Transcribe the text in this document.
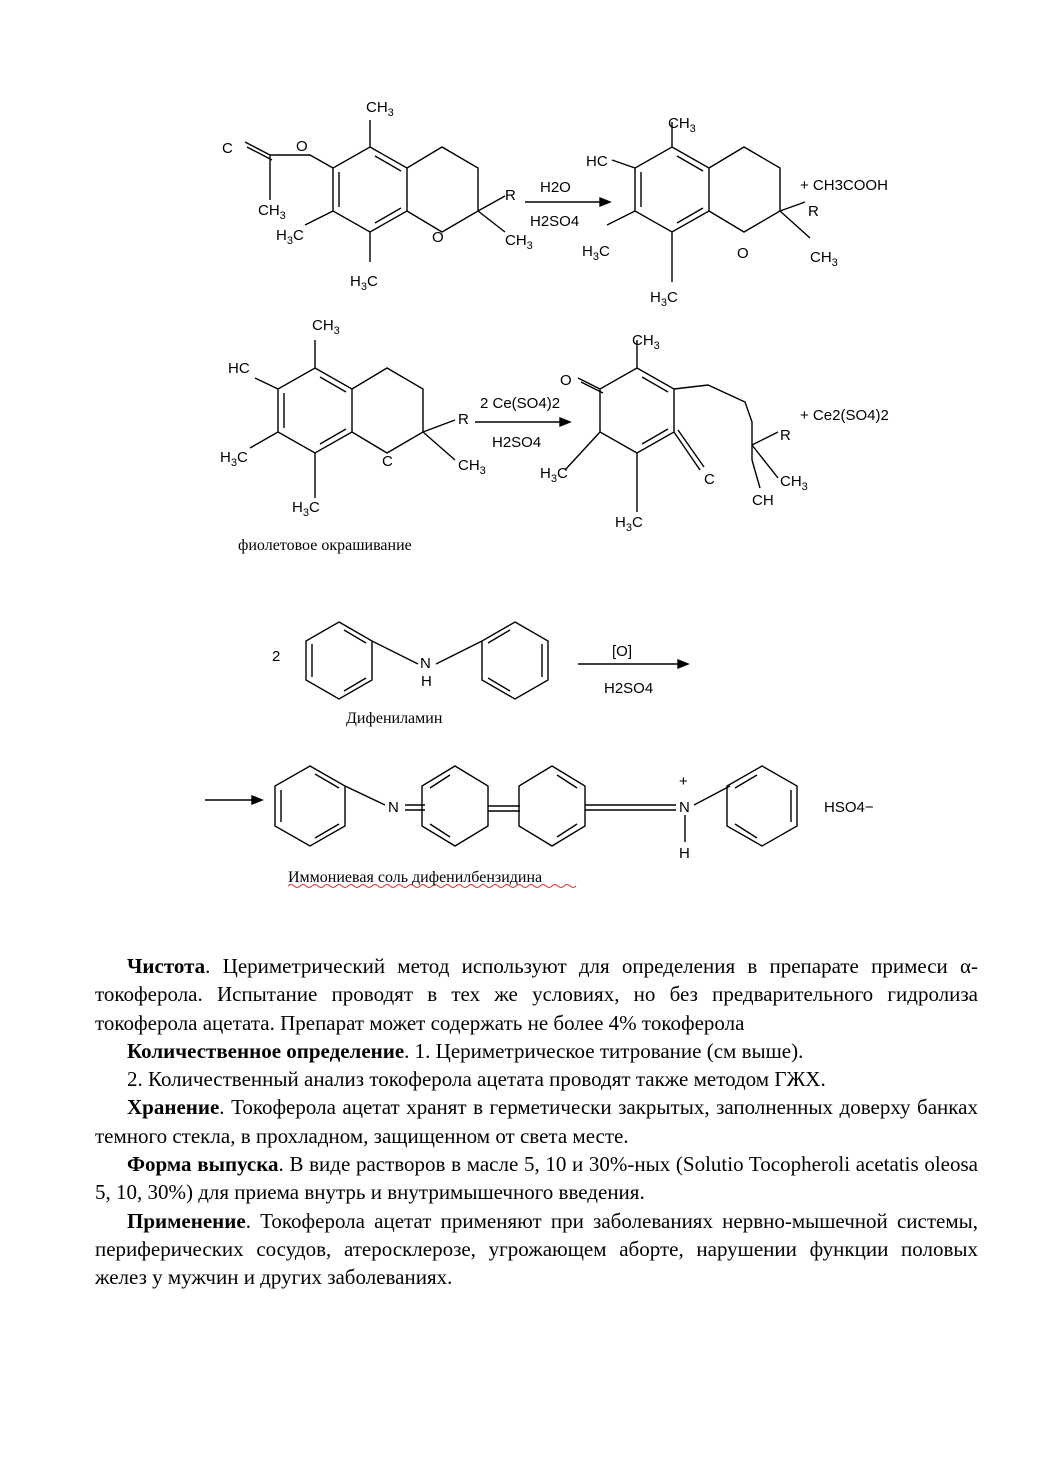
$CH_3$
C	O
$CH_3$
$H_3C$
$H_3C$
O
R
$CH_3$
$CH_3$
HC
$H_3C$
$H_3C$
O
R
$CH_3$
$CH_3$
HC
$H_3C$
$H_3C$
C
R
$CH_3$
$CH_3$
O
$H_3C$
$H_3C$
C
R
$CH_3$
CH
N
H
N
+
N
H
H2O
H2SO4
+ CH3COOH
2 Ce(SO4)2
H2SO4
+ Ce2(SO4)2
фиолетовое окрашивание
2	[O]
H2SO4
Дифениламин
HSO4−
Иммониевая соль дифенилбензидина

Чистота. Цериметрический метод используют для определения в препарате примеси α-токоферола. Испытание проводят в тех же условиях, но без предварительного гидролиза токоферола ацетата. Препарат может содержать не более 4% токоферола

Количественное определение. 1. Цериметрическое титрование (см выше).

2. Количественный анализ токоферола ацетата проводят также методом ГЖХ.

Хранение. Токоферола ацетат хранят в герметически закрытых, заполненных доверху банках темного стекла, в прохладном, защищенном от света месте.

Форма выпуска. В виде растворов в масле 5, 10 и 30%-ных (Solutio Tocopheroli acetatis oleosa 5, 10, 30%) для приема внутрь и внутримышечного введения.

Применение. Токоферола ацетат применяют при заболеваниях нервно-мышечной системы, периферических сосудов, атеросклерозе, угрожающем аборте, нарушении функции половых желез у мужчин и других заболеваниях.
